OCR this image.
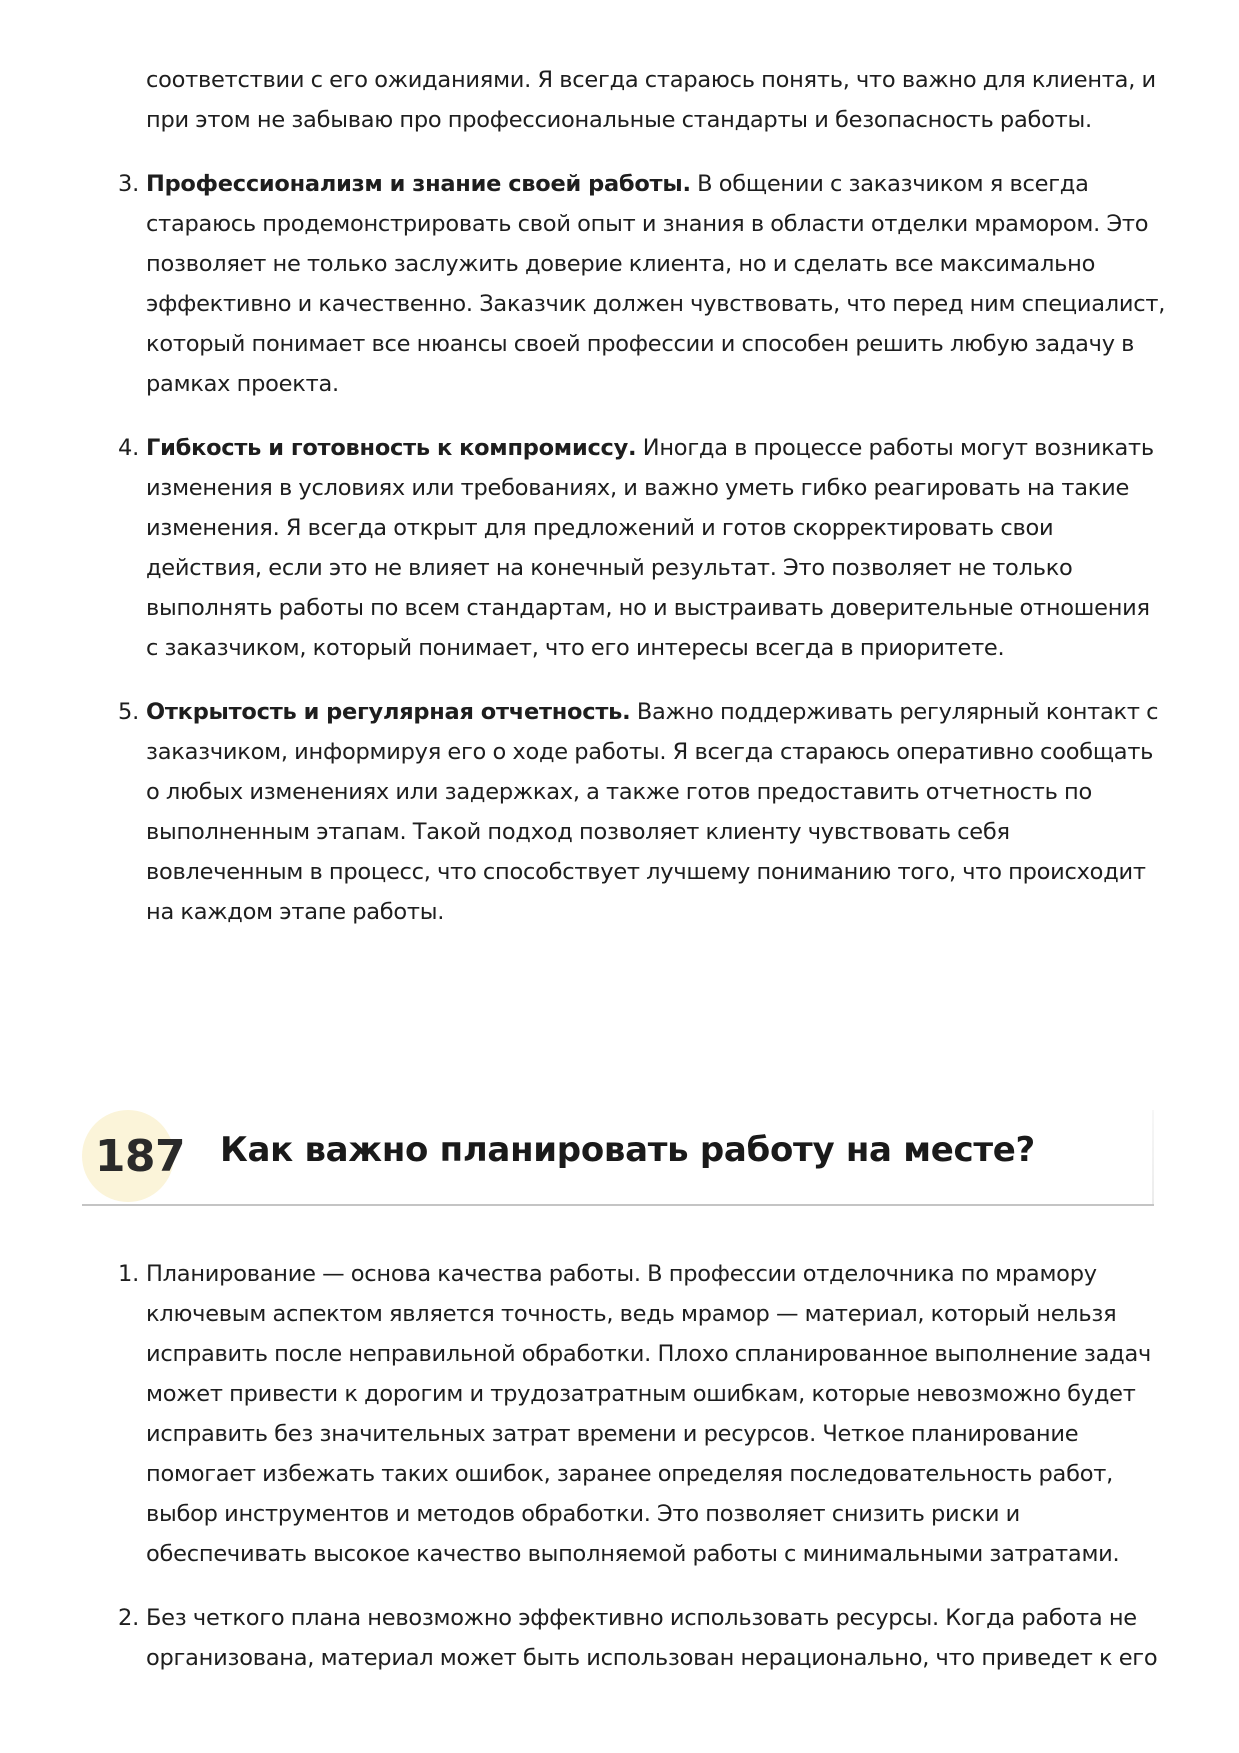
соответствии с его ожиданиями. Я всегда стараюсь понять, что важно для клиента, и при этом не забываю про профессиональные стандарты и безопасность работы.
3. Профессионализм и знание своей работы. В общении с заказчиком я всегда стараюсь продемонстрировать свой опыт и знания в области отделки мрамором. Это позволяет не только заслужить доверие клиента, но и сделать все максимально эффективно и качественно. Заказчик должен чувствовать, что перед ним специалист, который понимает все нюансы своей профессии и способен решить любую задачу в рамках проекта.
4. Гибкость и готовность к компромиссу. Иногда в процессе работы могут возникать изменения в условиях или требованиях, и важно уметь гибко реагировать на такие изменения. Я всегда открыт для предложений и готов скорректировать свои действия, если это не влияет на конечный результат. Это позволяет не только выполнять работы по всем стандартам, но и выстраивать доверительные отношения с заказчиком, который понимает, что его интересы всегда в приоритете.
5. Открытость и регулярная отчетность. Важно поддерживать регулярный контакт с заказчиком, информируя его о ходе работы. Я всегда стараюсь оперативно сообщать о любых изменениях или задержках, а также готов предоставить отчетность по выполненным этапам. Такой подход позволяет клиенту чувствовать себя вовлеченным в процесс, что способствует лучшему пониманию того, что происходит на каждом этапе работы.
187 Как важно планировать работу на месте?
1. Планирование — основа качества работы. В профессии отделочника по мрамору ключевым аспектом является точность, ведь мрамор — материал, который нельзя исправить после неправильной обработки. Плохо спланированное выполнение задач может привести к дорогим и трудозатратным ошибкам, которые невозможно будет исправить без значительных затрат времени и ресурсов. Четкое планирование помогает избежать таких ошибок, заранее определяя последовательность работ, выбор инструментов и методов обработки. Это позволяет снизить риски и обеспечивать высокое качество выполняемой работы с минимальными затратами.
2. Без четкого плана невозможно эффективно использовать ресурсы. Когда работа не организована, материал может быть использован нерационально, что приведет к его
